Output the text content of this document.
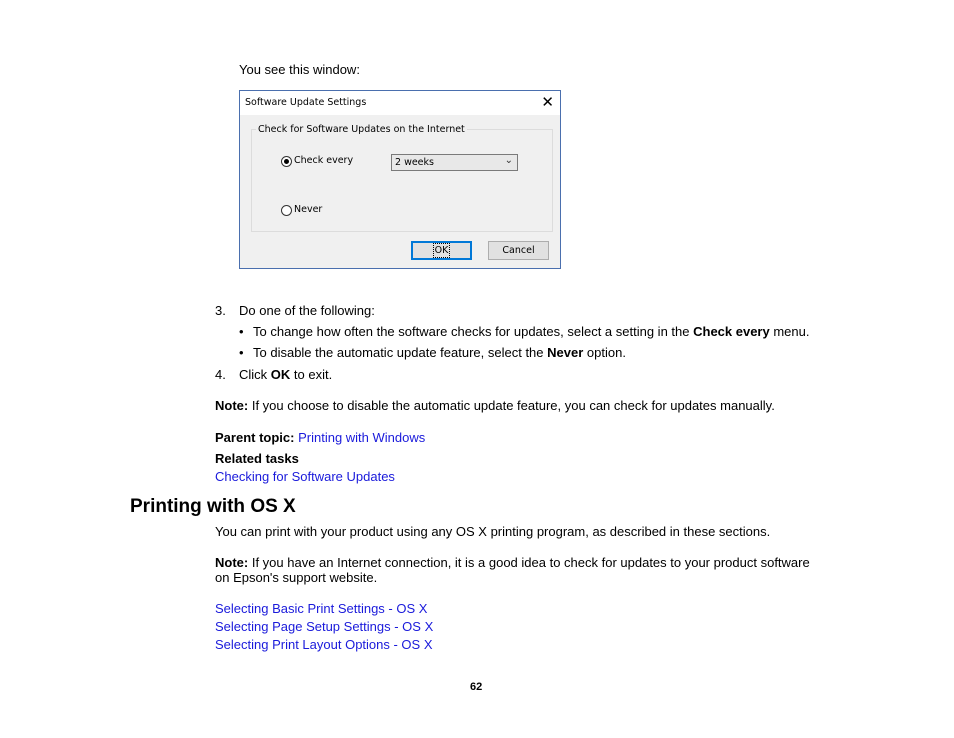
You see this window:
Software Update Settings	✕
Check for Software Updates on the Internet
Check every	2 weeks	⌄
Never
OK	Cancel
3. Do one of the following:
• To change how often the software checks for updates, select a setting in the Check every menu.
• To disable the automatic update feature, select the Never option.
4. Click OK to exit.
Note: If you choose to disable the automatic update feature, you can check for updates manually.
Parent topic: Printing with Windows
Related tasks
Checking for Software Updates
Printing with OS X
You can print with your product using any OS X printing program, as described in these sections.
Note: If you have an Internet connection, it is a good idea to check for updates to your product software
on Epson's support website.
Selecting Basic Print Settings - OS X
Selecting Page Setup Settings - OS X
Selecting Print Layout Options - OS X
62
